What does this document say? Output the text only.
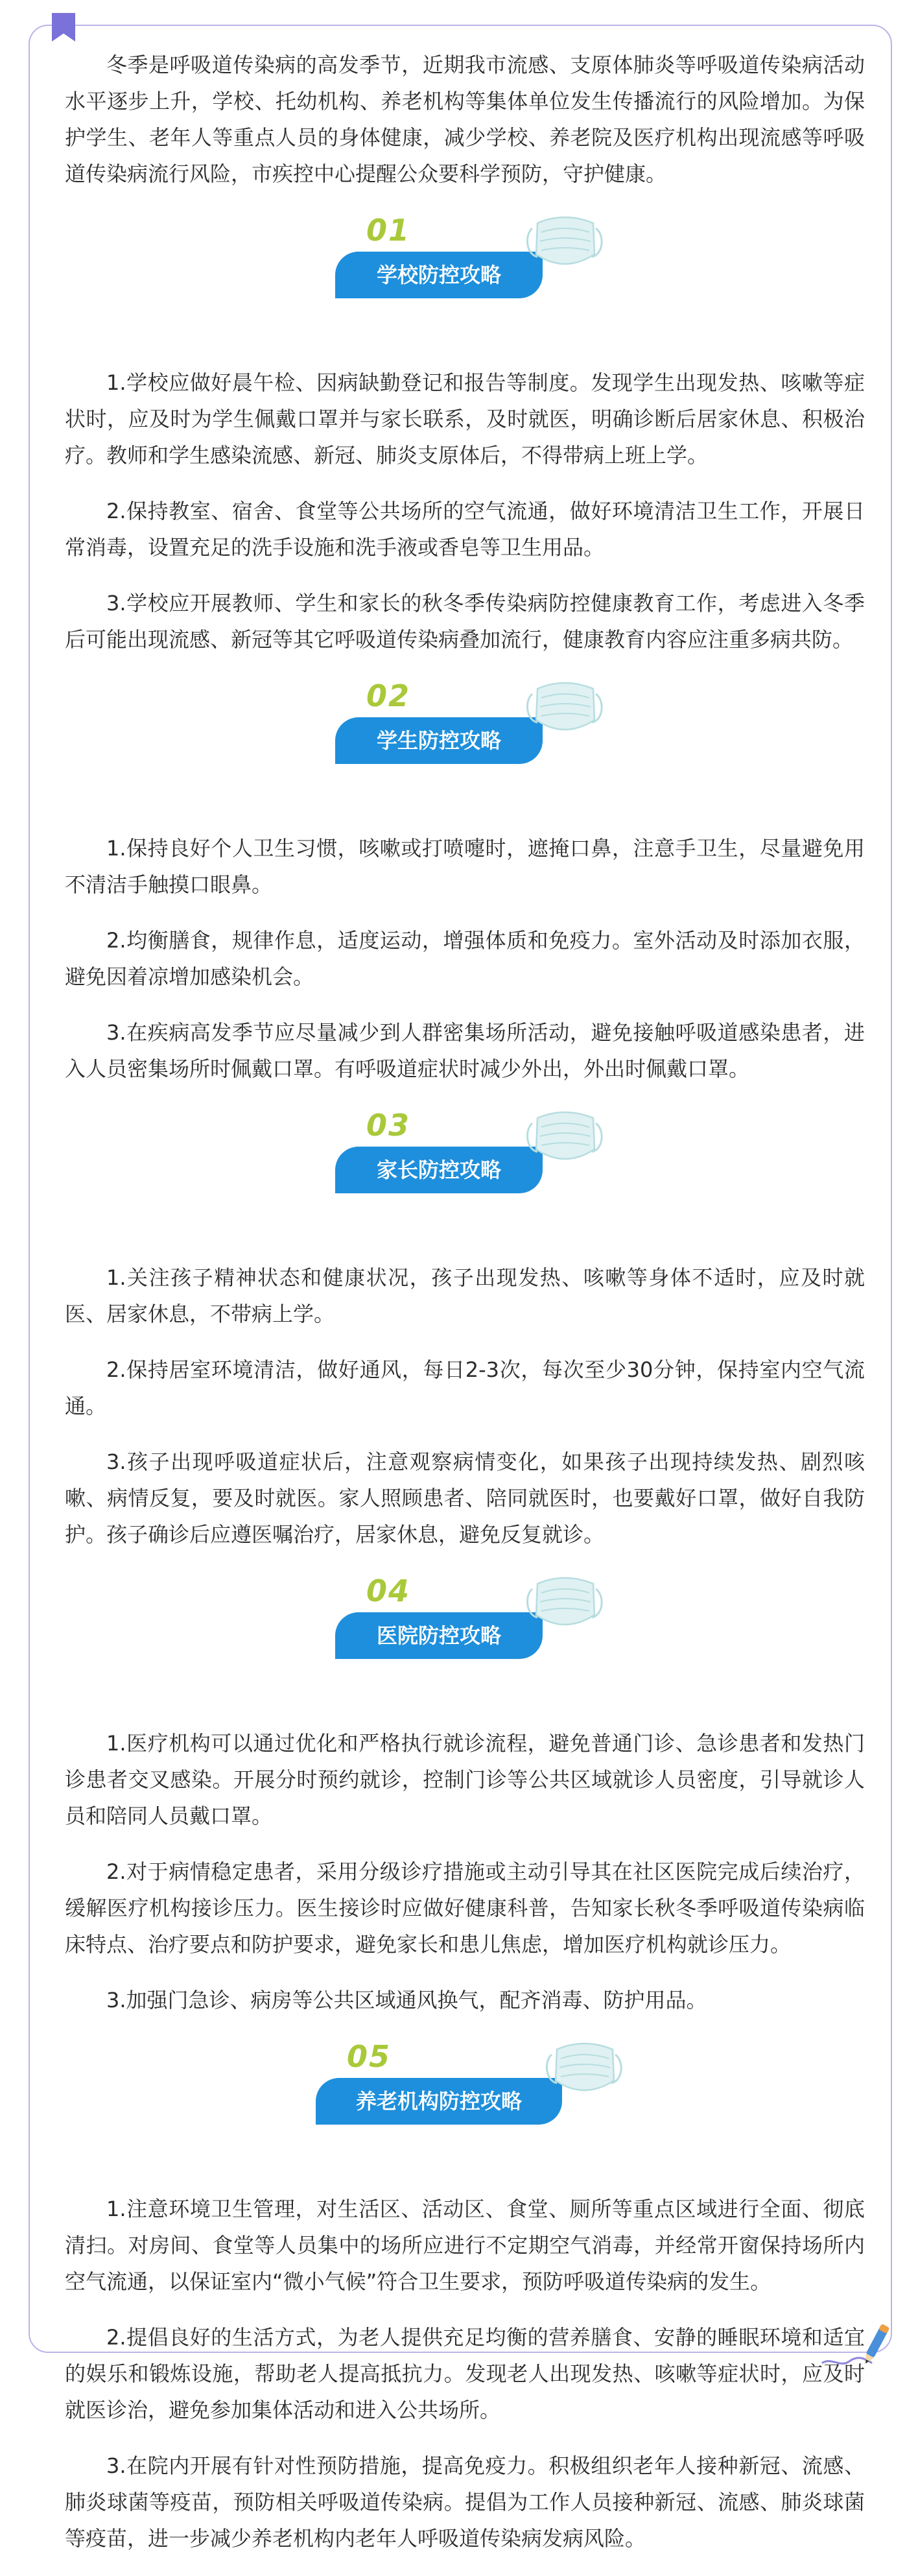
冬季是呼吸道传染病的高发季节，近期我市流感、支原体肺炎等呼吸道传染病活动水平逐步上升，学校、托幼机构、养老机构等集体单位发生传播流行的风险增加。为保护学生、老年人等重点人员的身体健康，减少学校、养老院及医疗机构出现流感等呼吸道传染病流行风险，市疾控中心提醒公众要科学预防，守护健康。

01
学校防控攻略

1.学校应做好晨午检、因病缺勤登记和报告等制度。发现学生出现发热、咳嗽等症状时，应及时为学生佩戴口罩并与家长联系，及时就医，明确诊断后居家休息、积极治疗。教师和学生感染流感、新冠、肺炎支原体后，不得带病上班上学。

2.保持教室、宿舍、食堂等公共场所的空气流通，做好环境清洁卫生工作，开展日常消毒，设置充足的洗手设施和洗手液或香皂等卫生用品。

3.学校应开展教师、学生和家长的秋冬季传染病防控健康教育工作，考虑进入冬季后可能出现流感、新冠等其它呼吸道传染病叠加流行，健康教育内容应注重多病共防。

02
学生防控攻略

1.保持良好个人卫生习惯，咳嗽或打喷嚏时，遮掩口鼻，注意手卫生，尽量避免用不清洁手触摸口眼鼻。

2.均衡膳食，规律作息，适度运动，增强体质和免疫力。室外活动及时添加衣服，避免因着凉增加感染机会。

3.在疾病高发季节应尽量减少到人群密集场所活动，避免接触呼吸道感染患者，进入人员密集场所时佩戴口罩。有呼吸道症状时减少外出，外出时佩戴口罩。

03
家长防控攻略

1.关注孩子精神状态和健康状况，孩子出现发热、咳嗽等身体不适时，应及时就医、居家休息，不带病上学。

2.保持居室环境清洁，做好通风，每日2-3次，每次至少30分钟，保持室内空气流通。

3.孩子出现呼吸道症状后，注意观察病情变化，如果孩子出现持续发热、剧烈咳嗽、病情反复，要及时就医。家人照顾患者、陪同就医时，也要戴好口罩，做好自我防护。孩子确诊后应遵医嘱治疗，居家休息，避免反复就诊。

04
医院防控攻略

1.医疗机构可以通过优化和严格执行就诊流程，避免普通门诊、急诊患者和发热门诊患者交叉感染。开展分时预约就诊，控制门诊等公共区域就诊人员密度，引导就诊人员和陪同人员戴口罩。

2.对于病情稳定患者，采用分级诊疗措施或主动引导其在社区医院完成后续治疗，缓解医疗机构接诊压力。医生接诊时应做好健康科普，告知家长秋冬季呼吸道传染病临床特点、治疗要点和防护要求，避免家长和患儿焦虑，增加医疗机构就诊压力。

3.加强门急诊、病房等公共区域通风换气，配齐消毒、防护用品。

05
养老机构防控攻略

1.注意环境卫生管理，对生活区、活动区、食堂、厕所等重点区域进行全面、彻底清扫。对房间、食堂等人员集中的场所应进行不定期空气消毒，并经常开窗保持场所内空气流通，以保证室内“微小气候”符合卫生要求，预防呼吸道传染病的发生。

2.提倡良好的生活方式，为老人提供充足均衡的营养膳食、安静的睡眠环境和适宜的娱乐和锻炼设施，帮助老人提高抵抗力。发现老人出现发热、咳嗽等症状时，应及时就医诊治，避免参加集体活动和进入公共场所。

3.在院内开展有针对性预防措施，提高免疫力。积极组织老年人接种新冠、流感、肺炎球菌等疫苗，预防相关呼吸道传染病。提倡为工作人员接种新冠、流感、肺炎球菌等疫苗，进一步减少养老机构内老年人呼吸道传染病发病风险。
